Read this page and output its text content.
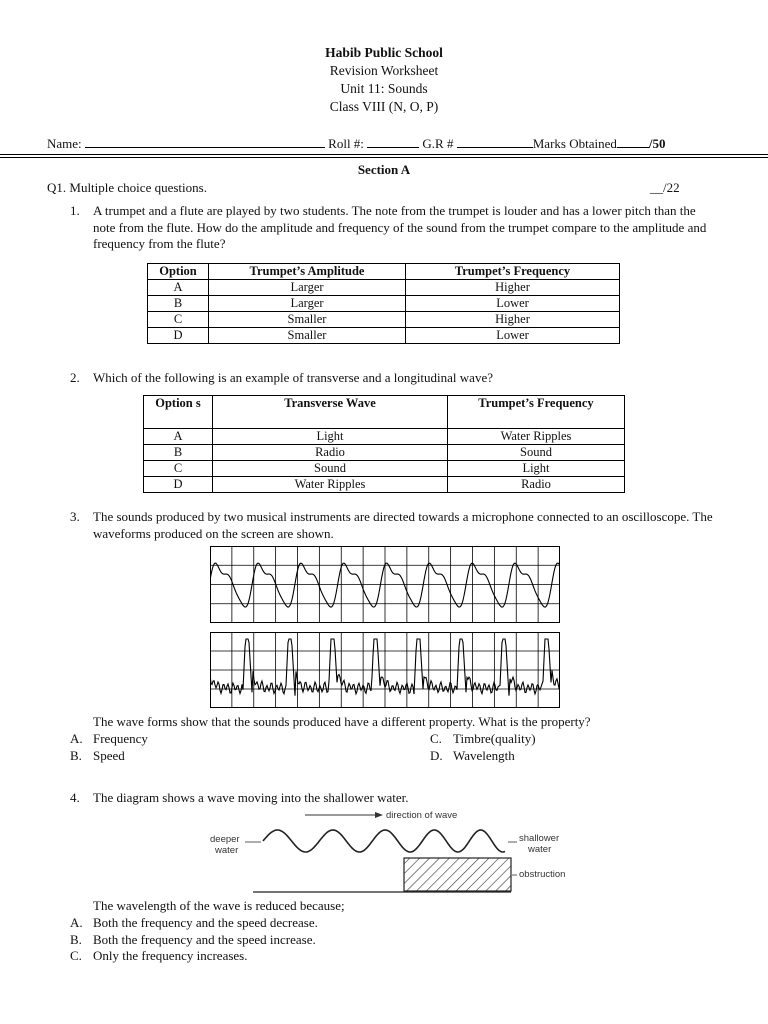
Habib Public School
Revision Worksheet
Unit 11: Sounds
Class VIII (N, O, P)
Name:	Roll #:	G.R #	Marks Obtained /50
Section A
Q1. Multiple choice questions.	__/22
1. A trumpet and a flute are played by two students. The note from the trumpet is louder and has a lower pitch than the note from the flute. How do the amplitude and frequency of the sound from the trumpet compare to the amplitude and frequency from the flute?
Option	Trumpet’s Amplitude	Trumpet’s Frequency
A	Larger	Higher
B	Larger	Lower
C	Smaller	Higher
D	Smaller	Lower
2. Which of the following is an example of transverse and a longitudinal wave?
Option s	Transverse Wave	Trumpet’s Frequency
A	Light	Water Ripples
B	Radio	Sound
C	Sound	Light
D	Water Ripples	Radio
3. The sounds produced by two musical instruments are directed towards a microphone connected to an oscilloscope. The waveforms produced on the screen are shown.
The wave forms show that the sounds produced have a different property. What is the property?
A. Frequency
B. Speed
C. Timbre(quality)
D. Wavelength
4. The diagram shows a wave moving into the shallower water.
direction of wave
deeper
water
shallower
water
obstruction
The wavelength of the wave is reduced because;
A. Both the frequency and the speed decrease.
B. Both the frequency and the speed increase.
C. Only the frequency increases.
